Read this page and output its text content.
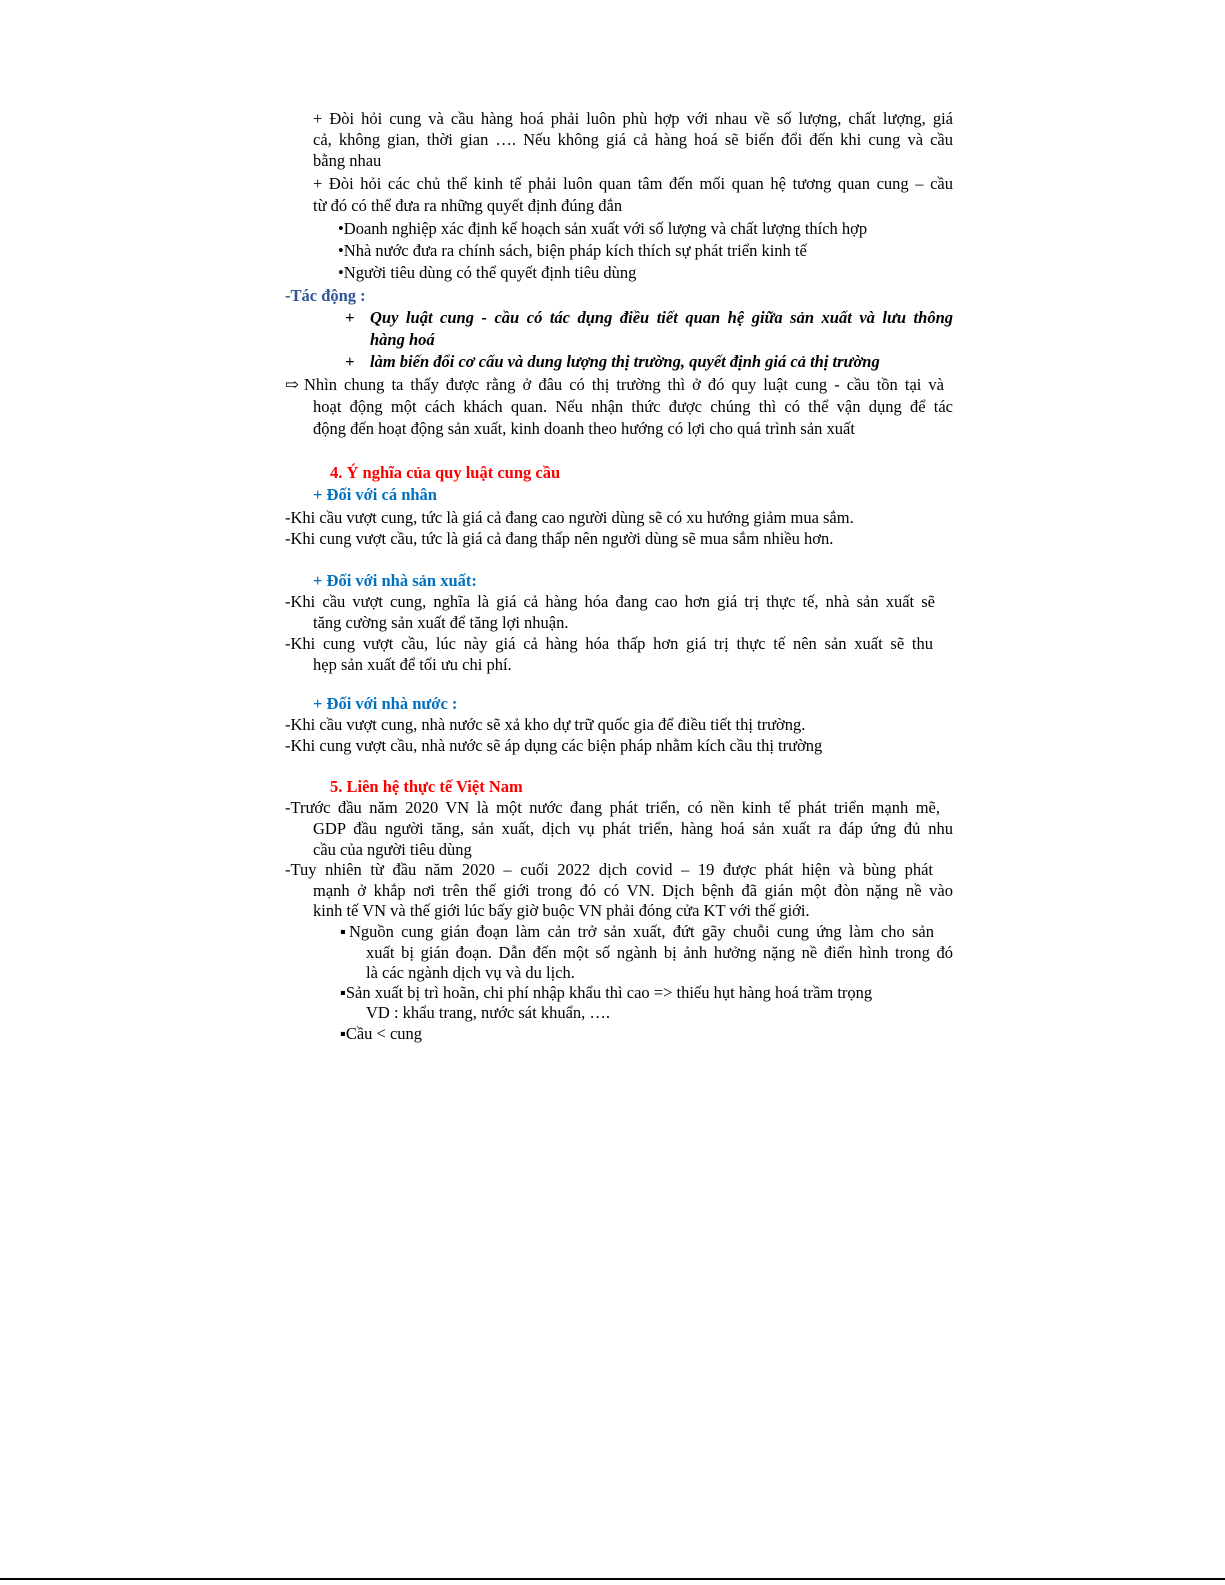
+ Đòi hỏi cung và cầu hàng hoá phải luôn phù hợp với nhau về số lượng, chất lượng, giá
cả, không gian, thời gian …. Nếu không giá cả hàng hoá sẽ biến đổi đến khi cung và cầu
bằng nhau
+ Đòi hỏi các chủ thể kinh tế phải luôn quan tâm đến mối quan hệ tương quan cung – cầu
từ đó có thể đưa ra những quyết định đúng đắn
•Doanh nghiệp xác định kế hoạch sản xuất với số lượng và chất lượng thích hợp
•Nhà nước đưa ra chính sách, biện pháp kích thích sự phát triển kinh tế
•Người tiêu dùng có thể quyết định tiêu dùng
-Tác động :
+ Quy luật cung - cầu có tác dụng điều tiết quan hệ giữa sản xuất và lưu thông
hàng hoá
+ làm biến đổi cơ cấu và dung lượng thị trường, quyết định giá cả thị trường
⇨ Nhìn chung ta thấy được rằng ở đâu có thị trường thì ở đó quy luật cung - cầu tồn tại và
hoạt động một cách khách quan. Nếu nhận thức được chúng thì có thể vận dụng để tác
động đến hoạt động sản xuất, kinh doanh theo hướng có lợi cho quá trình sản xuất
4. Ý nghĩa của quy luật cung cầu
+ Đối với cá nhân
-Khi cầu vượt cung, tức là giá cả đang cao người dùng sẽ có xu hướng giảm mua sắm.
-Khi cung vượt cầu, tức là giá cả đang thấp nên người dùng sẽ mua sắm nhiều hơn.
+ Đối với nhà sản xuất:
-Khi cầu vượt cung, nghĩa là giá cả hàng hóa đang cao hơn giá trị thực tế, nhà sản xuất sẽ
tăng cường sản xuất để tăng lợi nhuận.
-Khi cung vượt cầu, lúc này giá cả hàng hóa thấp hơn giá trị thực tế nên sản xuất sẽ thu
hẹp sản xuất để tối ưu chi phí.
+ Đối với nhà nước :
-Khi cầu vượt cung, nhà nước sẽ xả kho dự trữ quốc gia để điều tiết thị trường.
-Khi cung vượt cầu, nhà nước sẽ áp dụng các biện pháp nhằm kích cầu thị trường
5. Liên hệ thực tế Việt Nam
-Trước đầu năm 2020 VN là một nước đang phát triển, có nền kinh tế phát triển mạnh mẽ,
GDP đầu người tăng, sản xuất, dịch vụ phát triển, hàng hoá sản xuất ra đáp ứng đủ nhu
cầu của người tiêu dùng
-Tuy nhiên từ đầu năm 2020 – cuối 2022 dịch covid – 19 được phát hiện và bùng phát
mạnh ở khắp nơi trên thế giới trong đó có VN. Dịch bệnh đã gián một đòn nặng nề vào
kinh tế VN và thế giới lúc bấy giờ buộc VN phải đóng cửa KT với thế giới.
▪Nguồn cung gián đoạn làm cản trở sản xuất, đứt gãy chuỗi cung ứng làm cho sản
xuất bị gián đoạn. Dẫn đến một số ngành bị ảnh hưởng nặng nề điển hình trong đó
là các ngành dịch vụ và du lịch.
▪Sản xuất bị trì hoãn, chi phí nhập khẩu thì cao => thiếu hụt hàng hoá trầm trọng
VD : khẩu trang, nước sát khuẩn, ….
▪Cầu < cung
